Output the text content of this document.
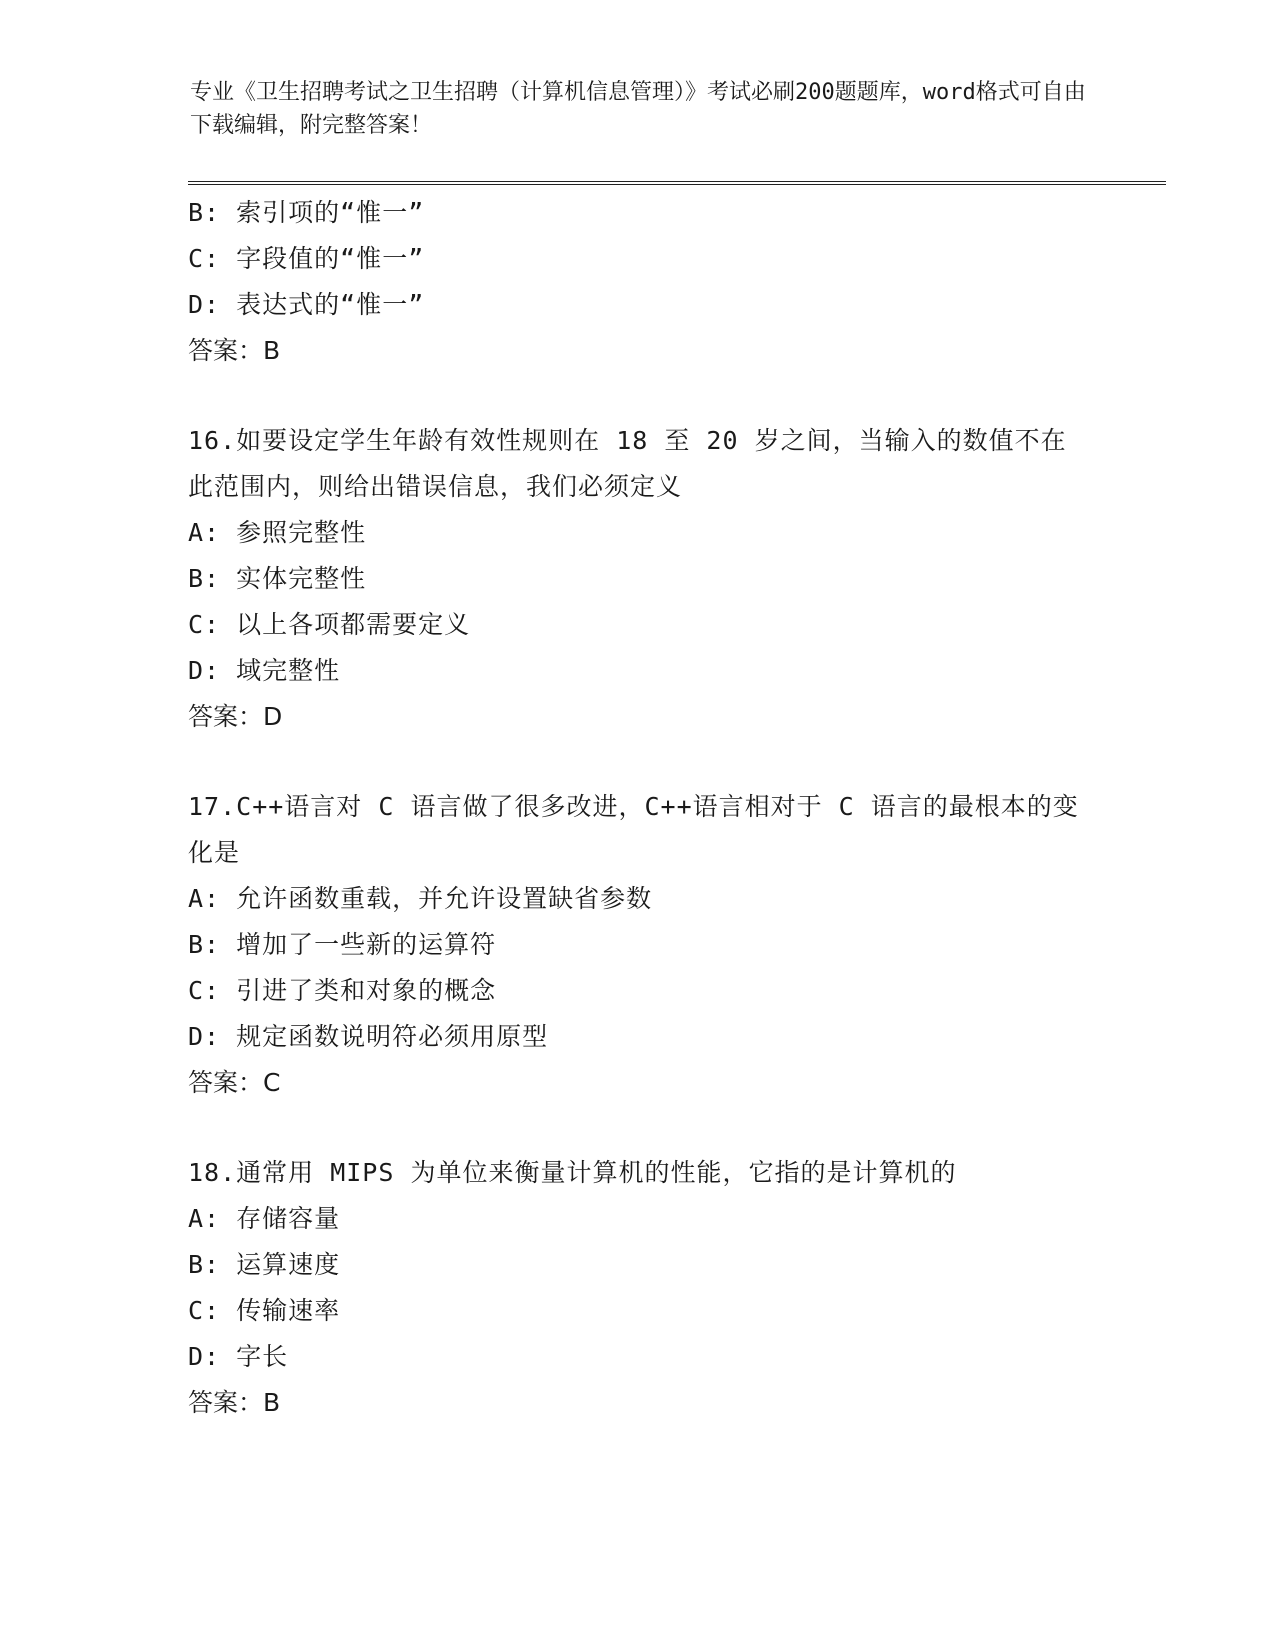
专业《卫生招聘考试之卫生招聘（计算机信息管理）》考试必刷200题题库，word格式可自由下载编辑，附完整答案！
B: 索引项的“惟一”
C: 字段值的“惟一”
D: 表达式的“惟一”
答案：B
16.如要设定学生年龄有效性规则在 18 至 20 岁之间，当输入的数值不在此范围内，则给出错误信息，我们必须定义
A: 参照完整性
B: 实体完整性
C: 以上各项都需要定义
D: 域完整性
答案：D
17.C++语言对 C 语言做了很多改进，C++语言相对于 C 语言的最根本的变化是
A: 允许函数重载，并允许设置缺省参数
B: 增加了一些新的运算符
C: 引进了类和对象的概念
D: 规定函数说明符必须用原型
答案：C
18.通常用 MIPS 为单位来衡量计算机的性能，它指的是计算机的
A: 存储容量
B: 运算速度
C: 传输速率
D: 字长
答案：B
